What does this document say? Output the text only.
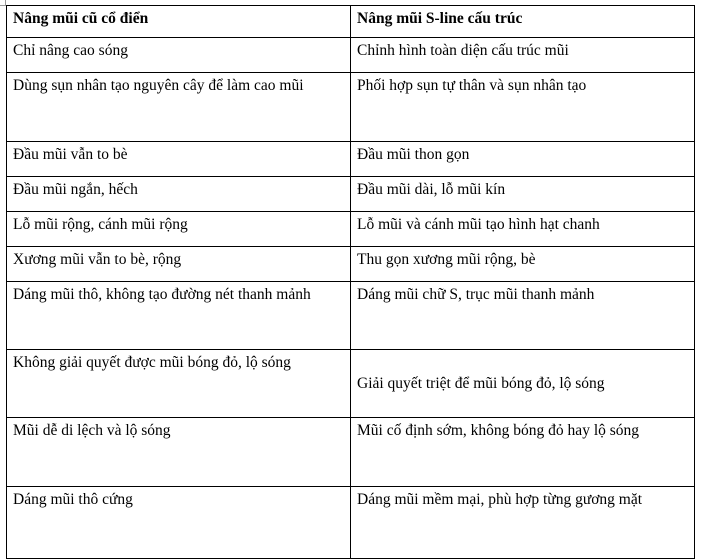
Nâng mũi cũ cổ điển	Nâng mũi S-line cấu trúc
Chỉ nâng cao sóng	Chỉnh hình toàn diện cấu trúc mũi
Dùng sụn nhân tạo nguyên cây để làm cao mũi	Phối hợp sụn tự thân và sụn nhân tạo
Đầu mũi vẫn to bè	Đầu mũi thon gọn
Đầu mũi ngắn, hếch	Đầu mũi dài, lỗ mũi kín
Lỗ mũi rộng, cánh mũi rộng	Lỗ mũi và cánh mũi tạo hình hạt chanh
Xương mũi vẫn to bè, rộng	Thu gọn xương mũi rộng, bè
Dáng mũi thô, không tạo đường nét thanh mảnh	Dáng mũi chữ S, trục mũi thanh mảnh
Không giải quyết được mũi bóng đỏ, lộ sóng	Giải quyết triệt để mũi bóng đỏ, lộ sóng
Mũi dễ di lệch và lộ sóng	Mũi cố định sớm, không bóng đỏ hay lộ sóng
Dáng mũi thô cứng	Dáng mũi mềm mại, phù hợp từng gương mặt
